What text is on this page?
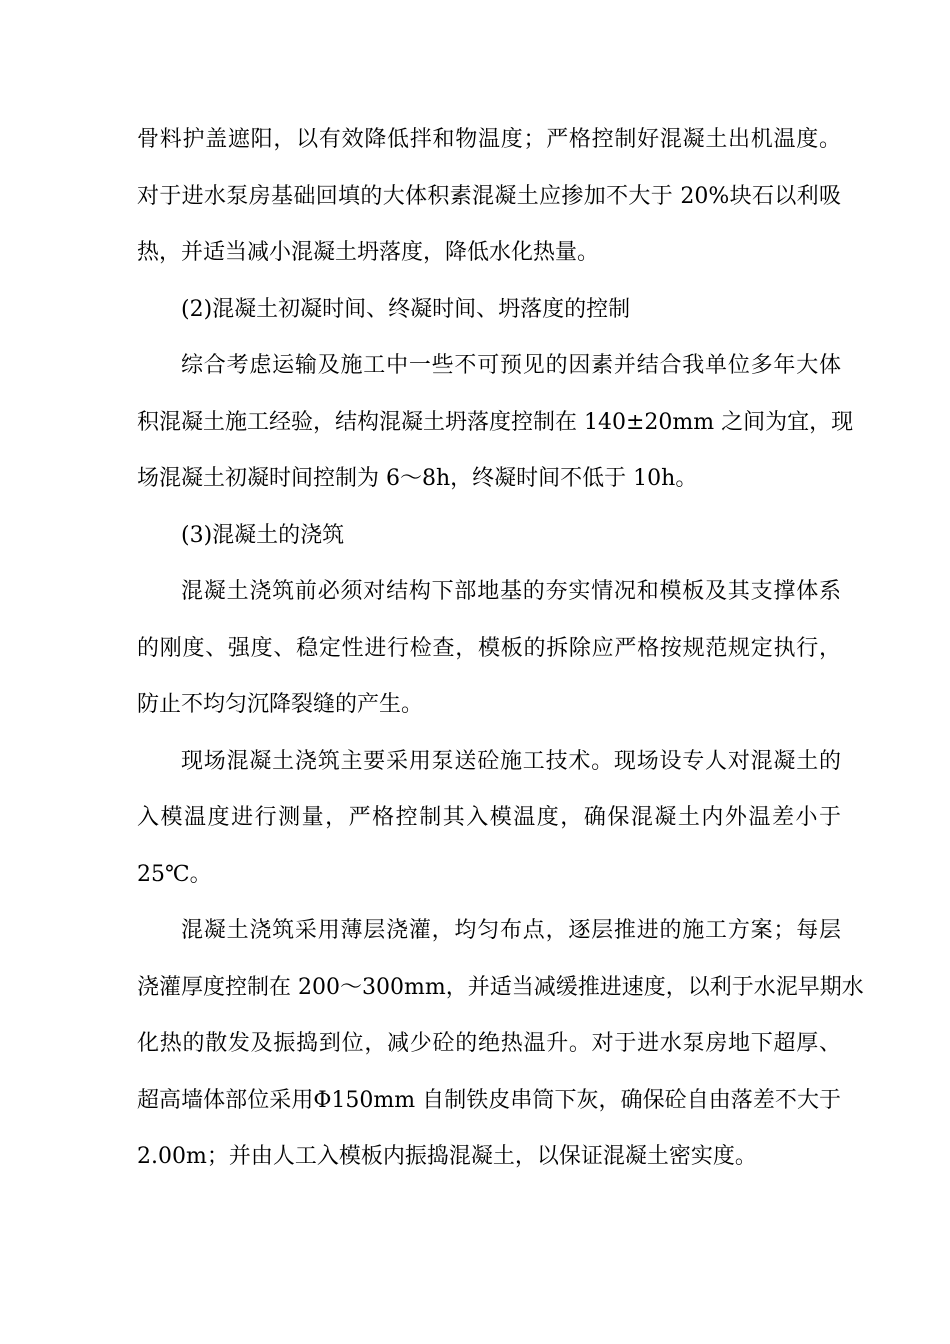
骨料护盖遮阳，以有效降低拌和物温度；严格控制好混凝土出机温度。
对于进水泵房基础回填的大体积素混凝土应掺加不大于 20%块石以利吸
热，并适当减小混凝土坍落度，降低水化热量。
(2)混凝土初凝时间、终凝时间、坍落度的控制
综合考虑运输及施工中一些不可预见的因素并结合我单位多年大体
积混凝土施工经验，结构混凝土坍落度控制在 140±20mm 之间为宜，现
场混凝土初凝时间控制为 6～8h，终凝时间不低于 10h。
(3)混凝土的浇筑
混凝土浇筑前必须对结构下部地基的夯实情况和模板及其支撑体系
的刚度、强度、稳定性进行检查，模板的拆除应严格按规范规定执行，
防止不均匀沉降裂缝的产生。
现场混凝土浇筑主要采用泵送砼施工技术。现场设专人对混凝土的
入模温度进行测量，严格控制其入模温度，确保混凝土内外温差小于
25℃。
混凝土浇筑采用薄层浇灌，均匀布点，逐层推进的施工方案；每层
浇灌厚度控制在 200～300mm，并适当减缓推进速度，以利于水泥早期水
化热的散发及振捣到位，减少砼的绝热温升。对于进水泵房地下超厚、
超高墙体部位采用Φ150mm 自制铁皮串筒下灰，确保砼自由落差不大于
2.00m；并由人工入模板内振捣混凝土，以保证混凝土密实度。
